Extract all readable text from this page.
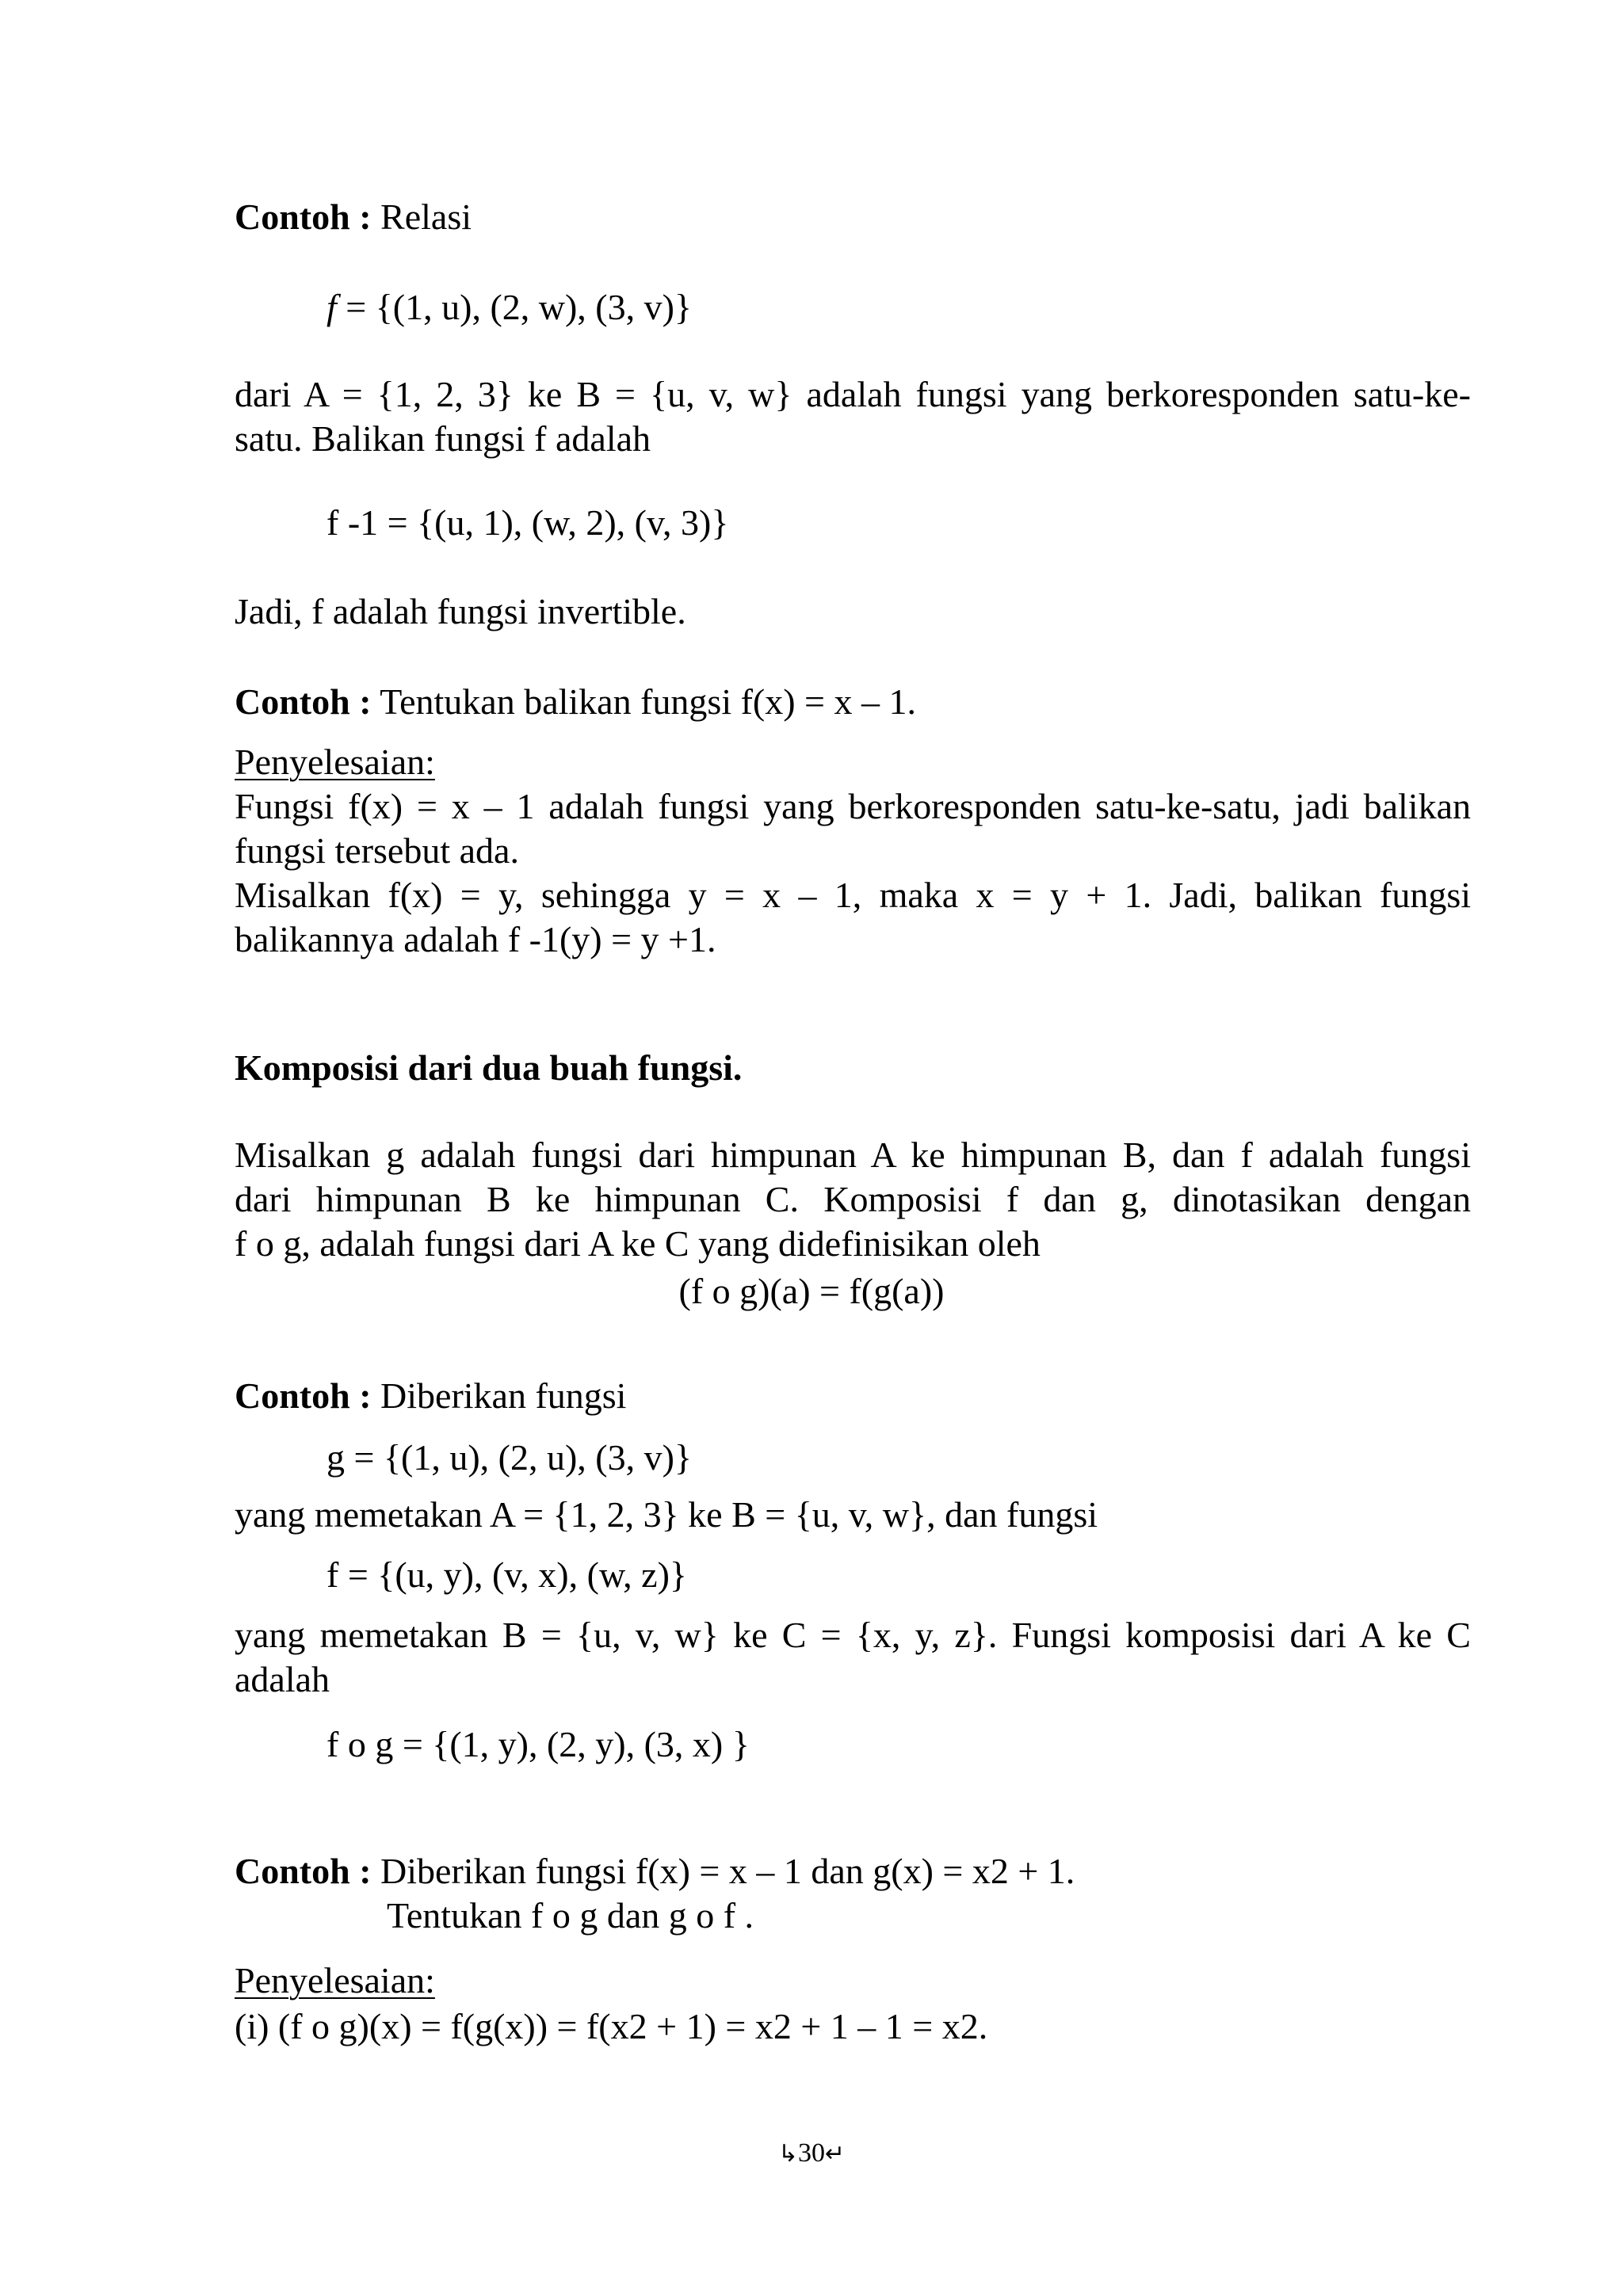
Contoh : Relasi
f = {(1, u), (2, w), (3, v)}
dari A = {1, 2, 3} ke B = {u, v, w} adalah fungsi yang berkoresponden satu-ke-
satu. Balikan fungsi f adalah
f -1 = {(u, 1), (w, 2), (v, 3)}
Jadi, f adalah fungsi invertible.
Contoh : Tentukan balikan fungsi f(x) = x – 1.
Penyelesaian:
Fungsi f(x) = x – 1 adalah fungsi yang berkoresponden satu-ke-satu, jadi balikan
fungsi tersebut ada.
Misalkan f(x) = y, sehingga y = x – 1, maka x = y + 1. Jadi, balikan fungsi
balikannya adalah f -1(y) = y +1.
Komposisi dari dua buah fungsi.
Misalkan g adalah fungsi dari himpunan A ke himpunan B, dan f adalah fungsi
dari himpunan B ke himpunan C. Komposisi f dan g, dinotasikan dengan
f o g, adalah fungsi dari A ke C yang didefinisikan oleh
(f o g)(a) = f(g(a))
Contoh : Diberikan fungsi
g = {(1, u), (2, u), (3, v)}
yang memetakan A = {1, 2, 3} ke B = {u, v, w}, dan fungsi
f = {(u, y), (v, x), (w, z)}
yang memetakan B = {u, v, w} ke C = {x, y, z}. Fungsi komposisi dari A ke C
adalah
f o g = {(1, y), (2, y), (3, x) }
Contoh : Diberikan fungsi f(x) = x – 1 dan g(x) = x2 + 1.
Tentukan f o g dan g o f .
Penyelesaian:
(i) (f o g)(x) = f(g(x)) = f(x2 + 1) = x2 + 1 – 1 = x2.
↳30↵
